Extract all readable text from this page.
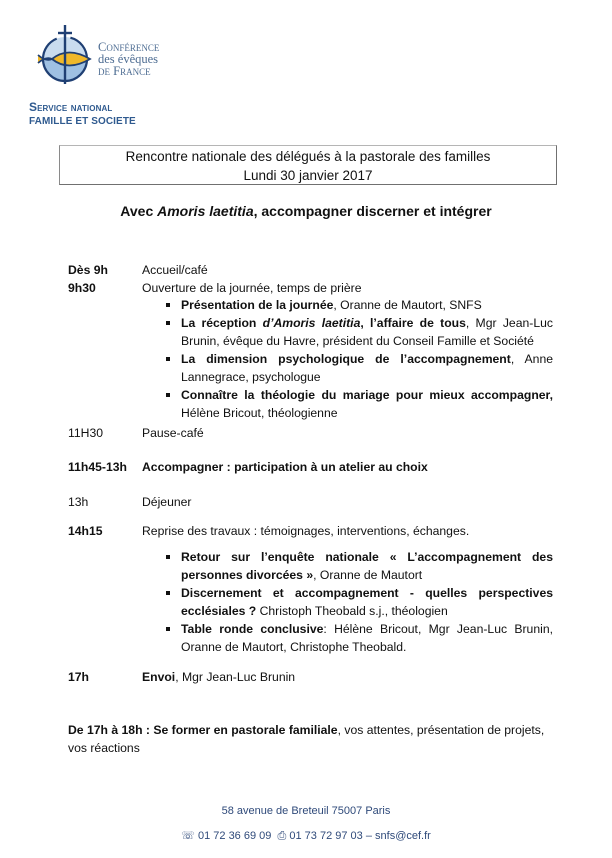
Conférence
des évêques
de France
Service national
FAMILLE ET SOCIETE
Rencontre nationale des délégués à la pastorale des familles
Lundi 30 janvier 2017
Avec Amoris laetitia, accompagner discerner et intégrer
Dès 9h	Accueil/café
9h30	Ouverture de la journée, temps de prière
Présentation de la journée, Oranne de Mautort, SNFS
La réception d’Amoris laetitia, l’affaire de tous, Mgr Jean-Luc Brunin, évêque du Havre, président du Conseil Famille et Société
La dimension psychologique de l’accompagnement, Anne Lannegrace, psychologue
Connaître la théologie du mariage pour mieux accompagner, Hélène Bricout, théologienne
11H30	Pause-café
11h45-13h	Accompagner : participation à un atelier au choix
13h	Déjeuner
14h15	Reprise des travaux : témoignages, interventions, échanges.
Retour sur l’enquête nationale « L’accompagnement des personnes divorcées », Oranne de Mautort
Discernement et accompagnement - quelles perspectives ecclésiales ? Christoph Theobald s.j., théologien
Table ronde conclusive: Hélène Bricout, Mgr Jean-Luc Brunin, Oranne de Mautort, Christophe Theobald.
17h	Envoi, Mgr Jean-Luc Brunin
De 17h à 18h : Se former en pastorale familiale, vos attentes, présentation de projets, vos réactions
58 avenue de Breteuil 75007 Paris
☏ 01 72 36 69 09 ⎙ 01 73 72 97 03 – snfs@cef.fr
